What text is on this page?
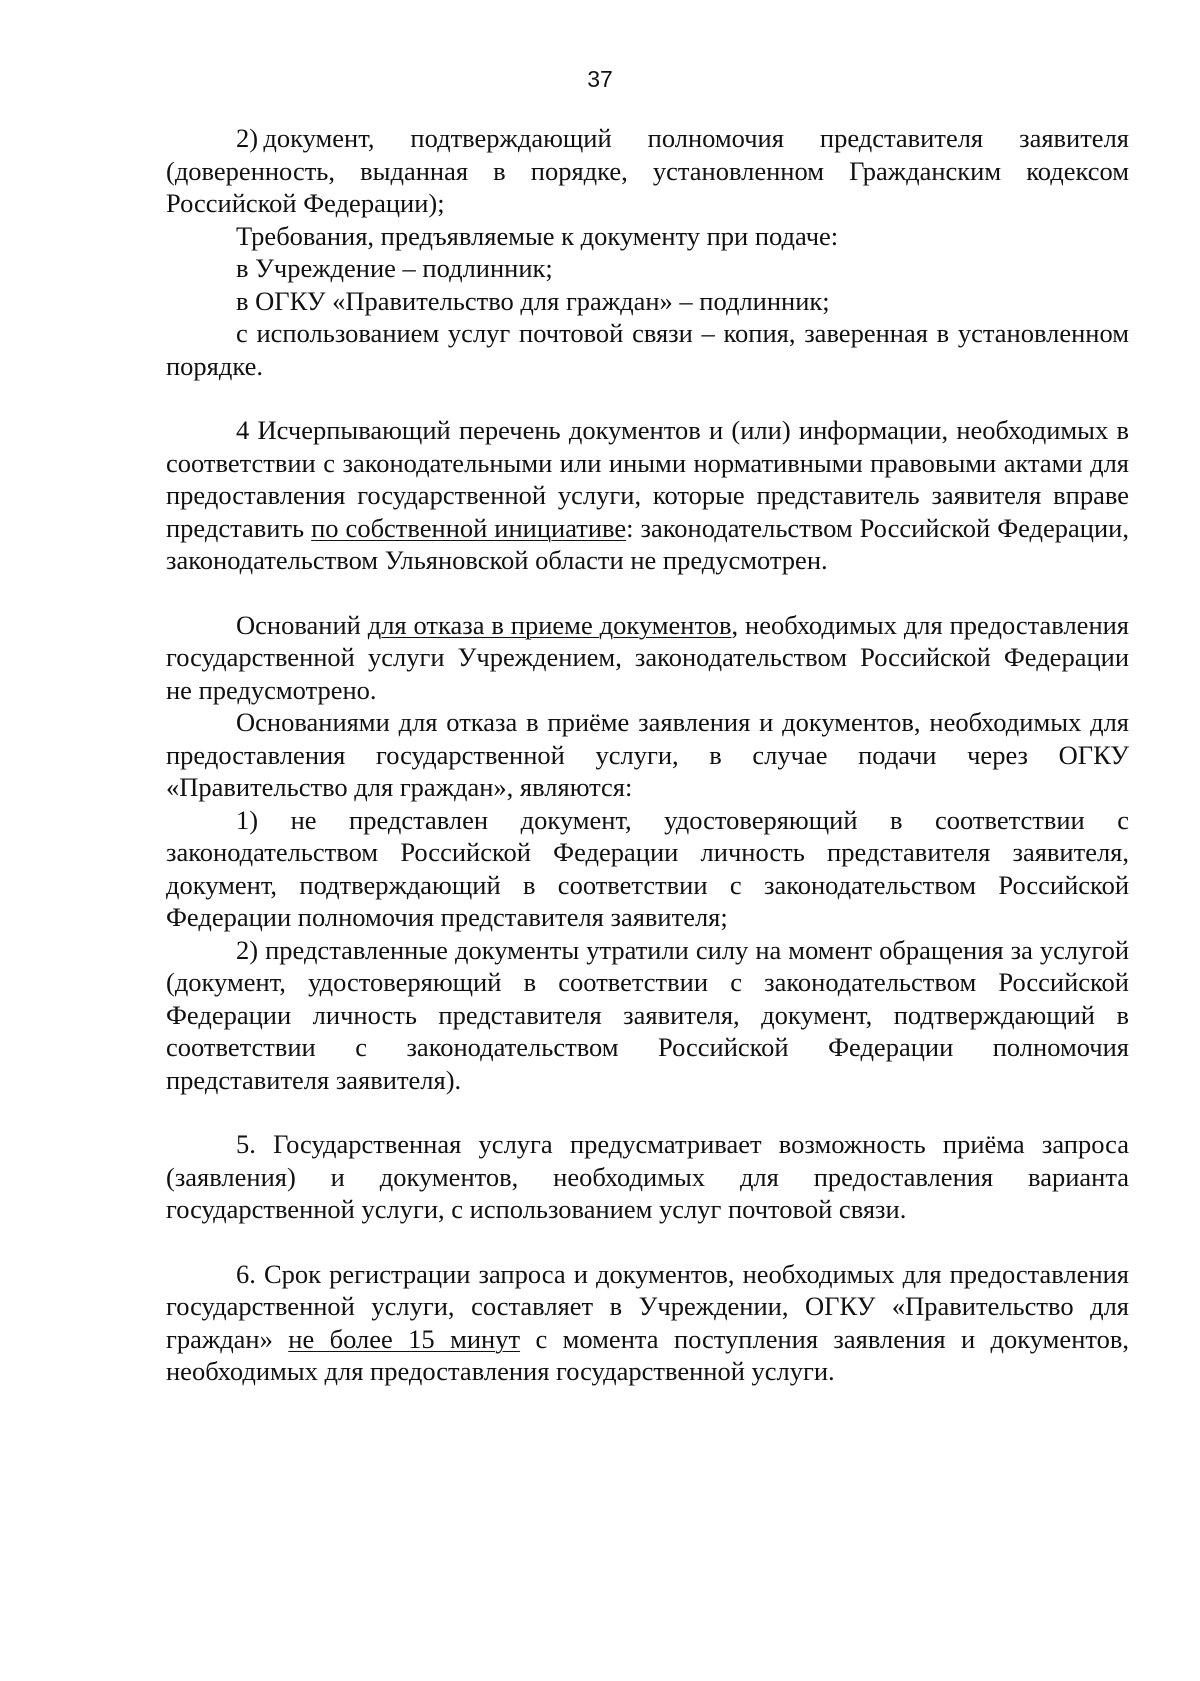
37

2) документ, подтверждающий полномочия представителя заявителя (доверенность, выданная в порядке, установленном Гражданским кодексом Российской Федерации);

Требования, предъявляемые к документу при подаче:

в Учреждение – подлинник;

в ОГКУ «Правительство для граждан» – подлинник;

с использованием услуг почтовой связи – копия, заверенная в установленном порядке.

4 Исчерпывающий перечень документов и (или) информации, необходимых в соответствии с законодательными или иными нормативными правовыми актами для предоставления государственной услуги, которые представитель заявителя вправе представить по собственной инициативе: законодательством Российской Федерации, законодательством Ульяновской области не предусмотрен.

Оснований для отказа в приеме документов, необходимых для предоставления государственной услуги Учреждением, законодательством Российской Федерации не предусмотрено.

Основаниями для отказа в приёме заявления и документов, необходимых для предоставления государственной услуги, в случае подачи через ОГКУ «Правительство для граждан», являются:

1) не представлен документ, удостоверяющий в соответствии с законодательством Российской Федерации личность представителя заявителя, документ, подтверждающий в соответствии с законодательством Российской Федерации полномочия представителя заявителя;

2) представленные документы утратили силу на момент обращения за услугой (документ, удостоверяющий в соответствии с законодательством Российской Федерации личность представителя заявителя, документ, подтверждающий в соответствии с законодательством Российской Федерации полномочия представителя заявителя).

5. Государственная услуга предусматривает возможность приёма запроса (заявления) и документов, необходимых для предоставления варианта государственной услуги, с использованием услуг почтовой связи.

6. Срок регистрации запроса и документов, необходимых для предоставления государственной услуги, составляет в Учреждении, ОГКУ «Правительство для граждан» не более 15 минут с момента поступления заявления и документов, необходимых для предоставления государственной услуги.
